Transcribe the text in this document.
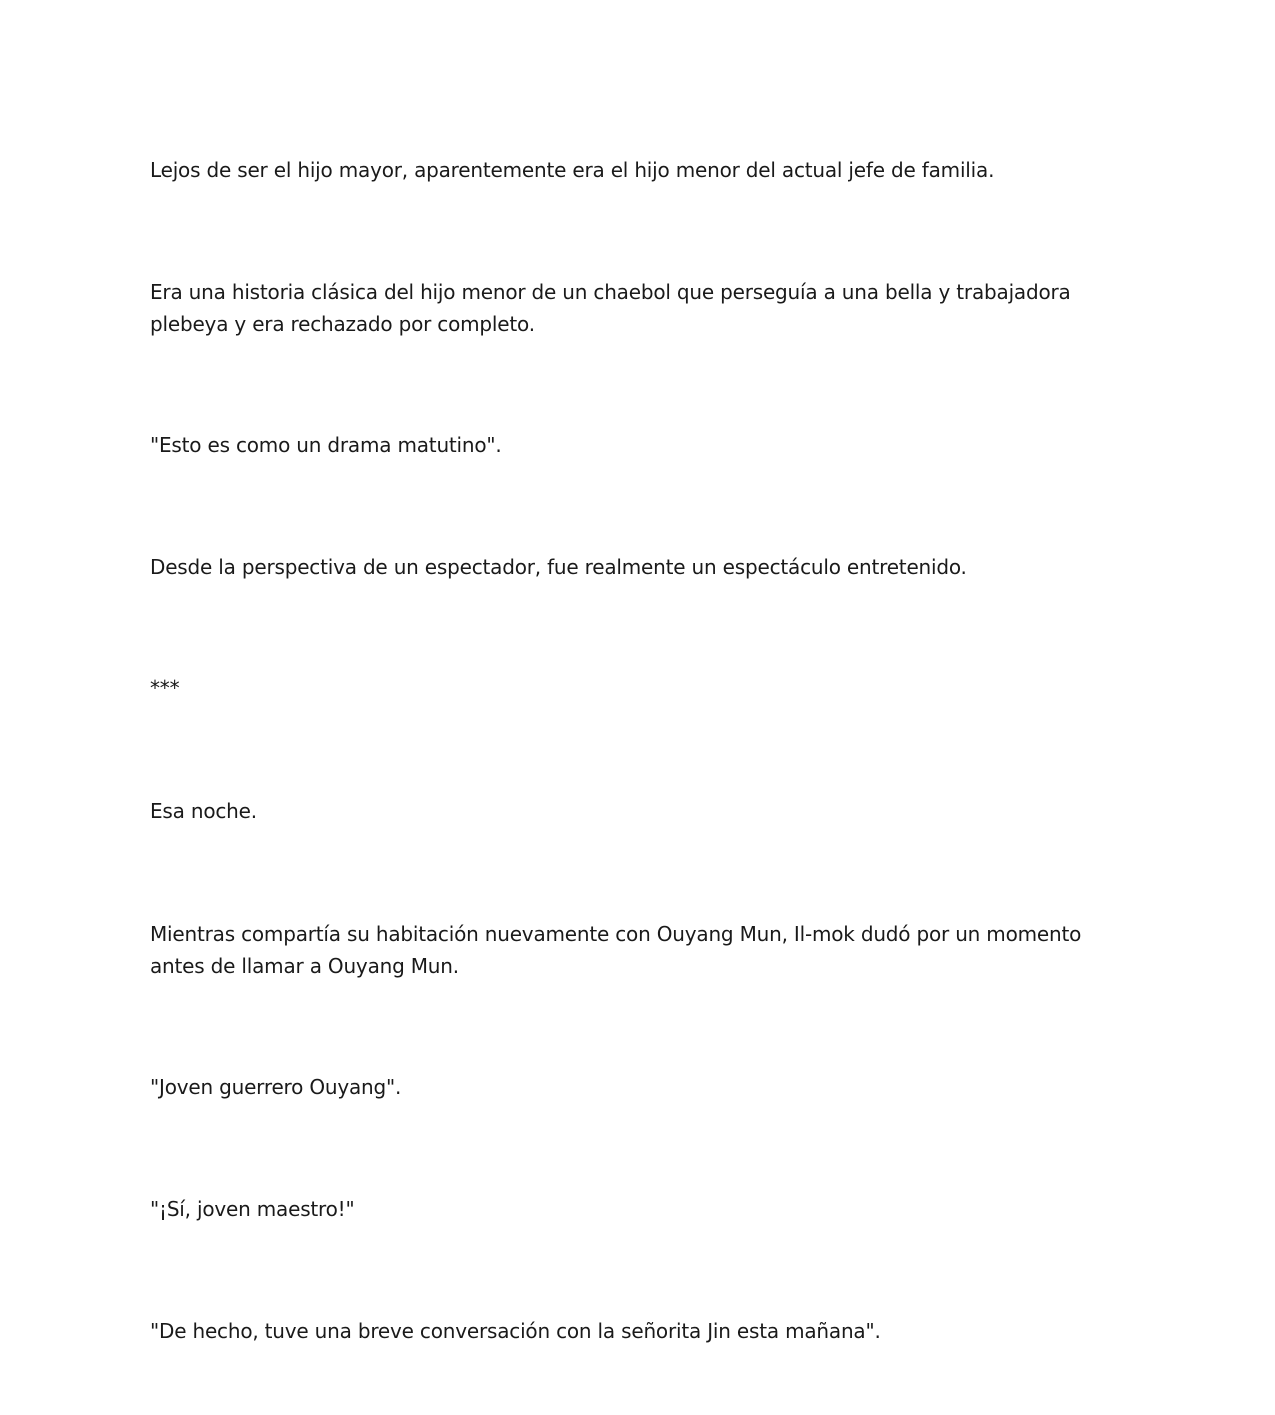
Lejos de ser el hijo mayor, aparentemente era el hijo menor del actual jefe de familia.

Era una historia clásica del hijo menor de un chaebol que perseguía a una bella y trabajadora plebeya y era rechazado por completo.

"Esto es como un drama matutino".

Desde la perspectiva de un espectador, fue realmente un espectáculo entretenido.

***

Esa noche.

Mientras compartía su habitación nuevamente con Ouyang Mun, Il-mok dudó por un momento antes de llamar a Ouyang Mun.

"Joven guerrero Ouyang".

"¡Sí, joven maestro!"

"De hecho, tuve una breve conversación con la señorita Jin esta mañana".
